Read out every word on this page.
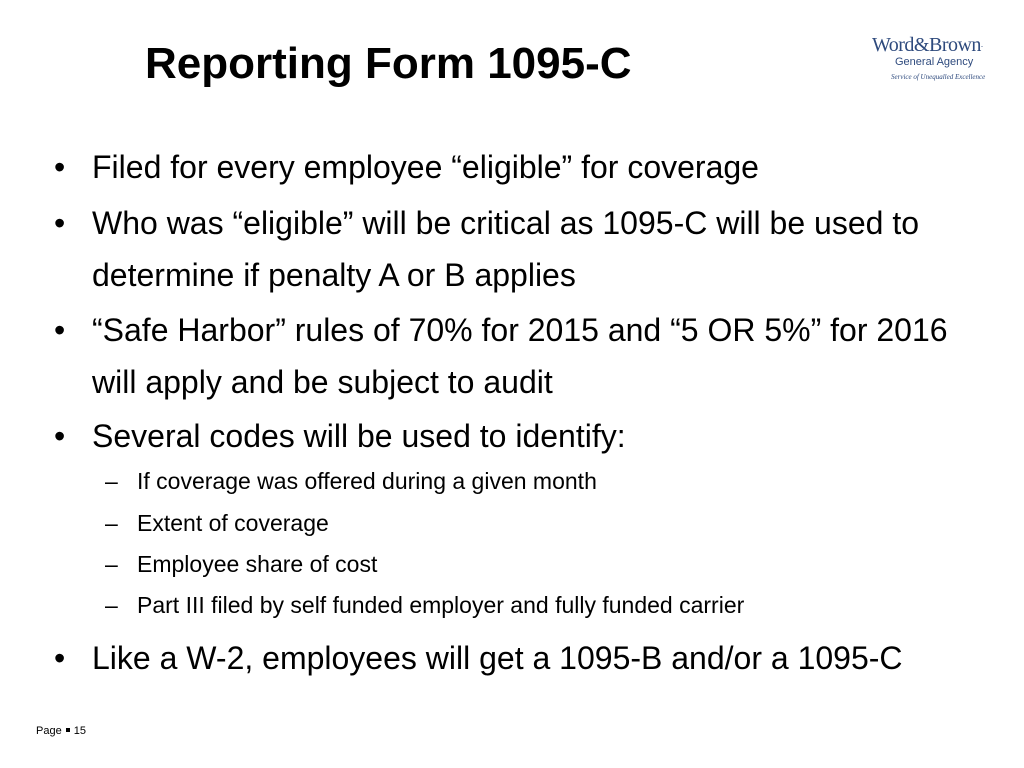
Reporting Form 1095-C	Word&Brown.
General Agency
Service of Unequalled Excellence
• Filed for every employee “eligible” for coverage
• Who was “eligible” will be critical as 1095-C will be used to determine if penalty A or B applies
• “Safe Harbor” rules of 70% for 2015 and “5 OR 5%” for 2016 will apply and be subject to audit
• Several codes will be used to identify:
– If coverage was offered during a given month
– Extent of coverage
– Employee share of cost
– Part III filed by self funded employer and fully funded carrier
• Like a W-2, employees will get a 1095-B and/or a 1095-C
Page 15
